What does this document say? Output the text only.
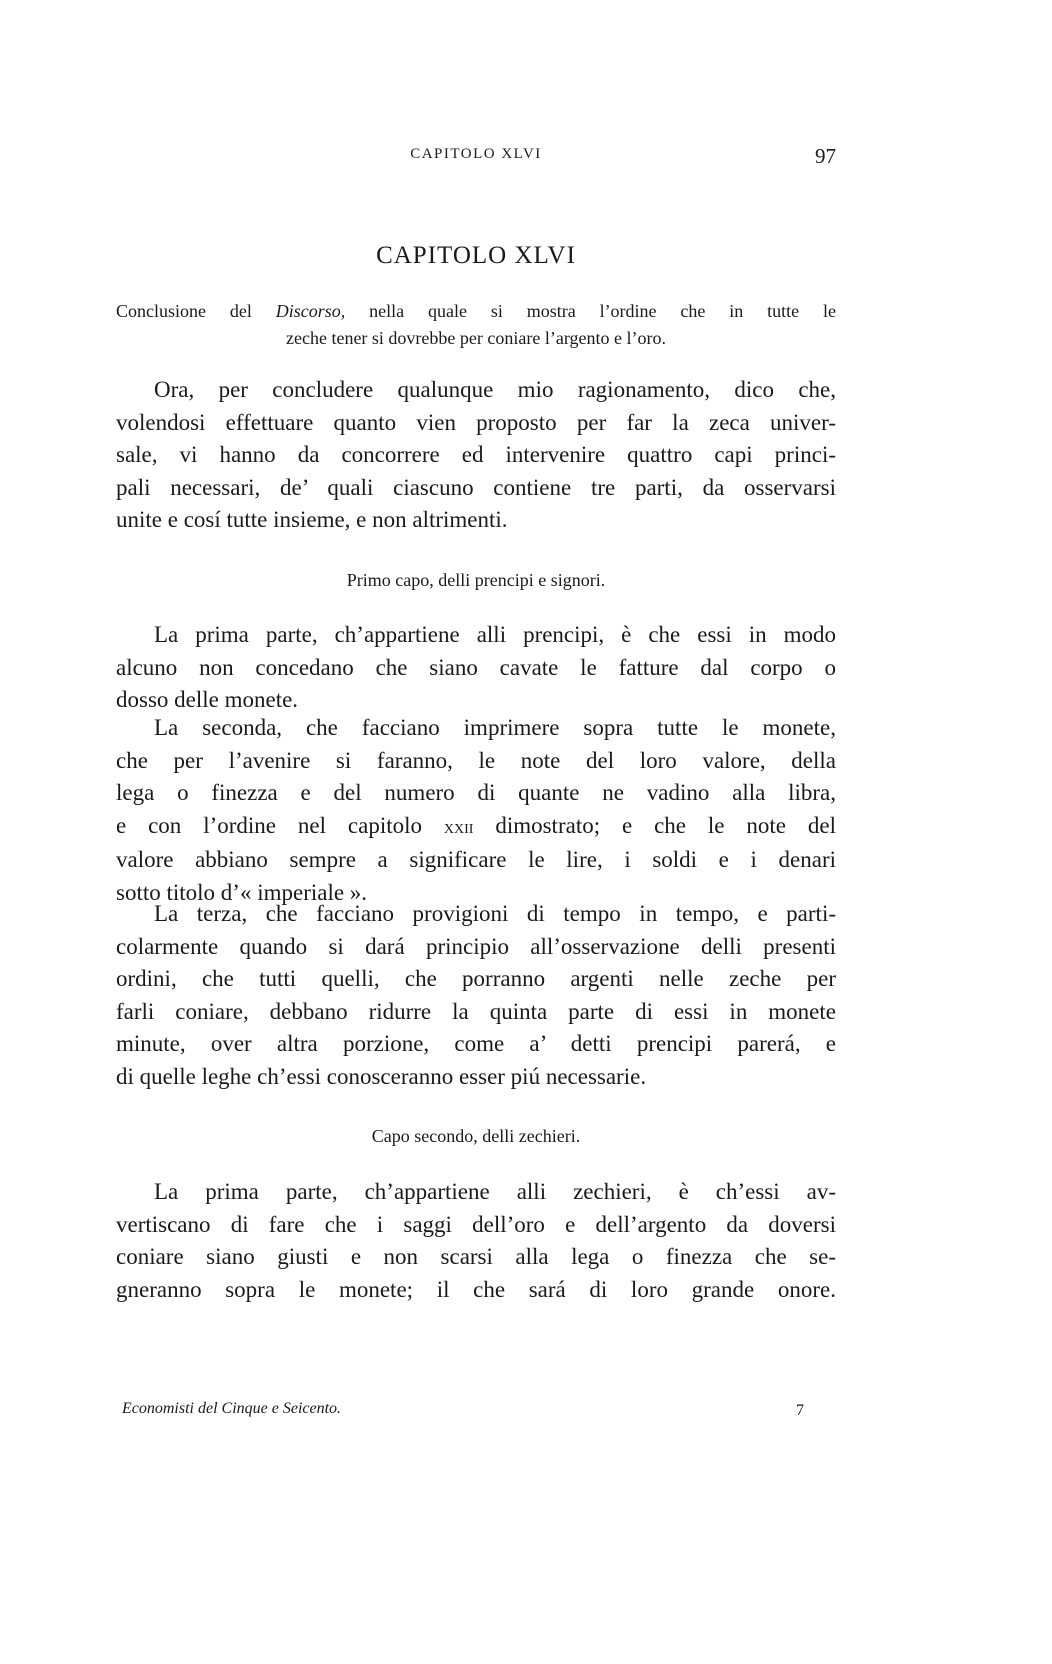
CAPITOLO XLVI	97
CAPITOLO XLVI
Conclusione del Discorso, nella quale si mostra l’ordine che in tutte le
zeche tener si dovrebbe per coniare l’argento e l’oro.
Ora, per concludere qualunque mio ragionamento, dico che,
volendosi effettuare quanto vien proposto per far la zeca univer-
sale, vi hanno da concorrere ed intervenire quattro capi princi-
pali necessari, de’ quali ciascuno contiene tre parti, da osservarsi
unite e cosí tutte insieme, e non altrimenti.
Primo capo, delli prencipi e signori.
La prima parte, ch’appartiene alli prencipi, è che essi in modo
alcuno non concedano che siano cavate le fatture dal corpo o
dosso delle monete.
La seconda, che facciano imprimere sopra tutte le monete,
che per l’avenire si faranno, le note del loro valore, della
lega o finezza e del numero di quante ne vadino alla libra,
e con l’ordine nel capitolo xxii dimostrato; e che le note del
valore abbiano sempre a significare le lire, i soldi e i denari
sotto titolo d’« imperiale ».
La terza, che facciano provigioni di tempo in tempo, e parti-
colarmente quando si dará principio all’osservazione delli presenti
ordini, che tutti quelli, che porranno argenti nelle zeche per
farli coniare, debbano ridurre la quinta parte di essi in monete
minute, over altra porzione, come a’ detti prencipi parerá, e
di quelle leghe ch’essi conosceranno esser piú necessarie.
Capo secondo, delli zechieri.
La prima parte, ch’appartiene alli zechieri, è ch’essi av-
vertiscano di fare che i saggi dell’oro e dell’argento da doversi
coniare siano giusti e non scarsi alla lega o finezza che se-
gneranno sopra le monete; il che sará di loro grande onore.
Economisti del Cinque e Seicento.	7
